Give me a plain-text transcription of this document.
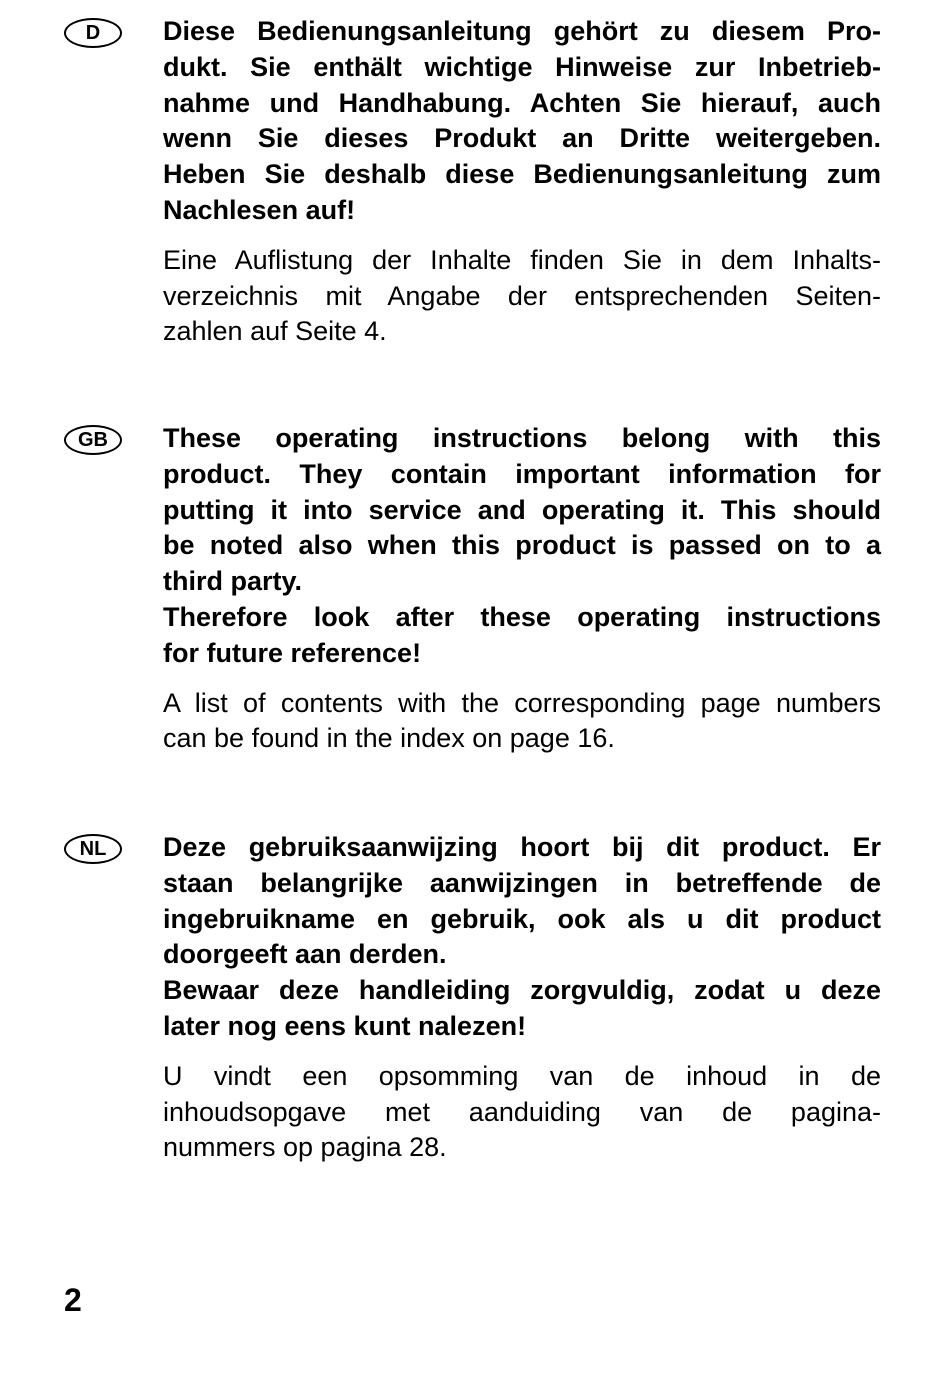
D Diese Bedienungsanleitung gehört zu diesem Pro-
dukt. Sie enthält wichtige Hinweise zur Inbetrieb-
nahme und Handhabung. Achten Sie hierauf, auch
wenn Sie dieses Produkt an Dritte weitergeben.
Heben Sie deshalb diese Bedienungsanleitung zum
Nachlesen auf!
Eine Auflistung der Inhalte finden Sie in dem Inhalts-
verzeichnis mit Angabe der entsprechenden Seiten-
zahlen auf Seite 4.
GB These operating instructions belong with this
product. They contain important information for
putting it into service and operating it. This should
be noted also when this product is passed on to a
third party.
Therefore look after these operating instructions
for future reference!
A list of contents with the corresponding page numbers
can be found in the index on page 16.
NL Deze gebruiksaanwijzing hoort bij dit product. Er
staan belangrijke aanwijzingen in betreffende de
ingebruikname en gebruik, ook als u dit product
doorgeeft aan derden.
Bewaar deze handleiding zorgvuldig, zodat u deze
later nog eens kunt nalezen!
U vindt een opsomming van de inhoud in de
inhoudsopgave met aanduiding van de pagina-
nummers op pagina 28.
2
